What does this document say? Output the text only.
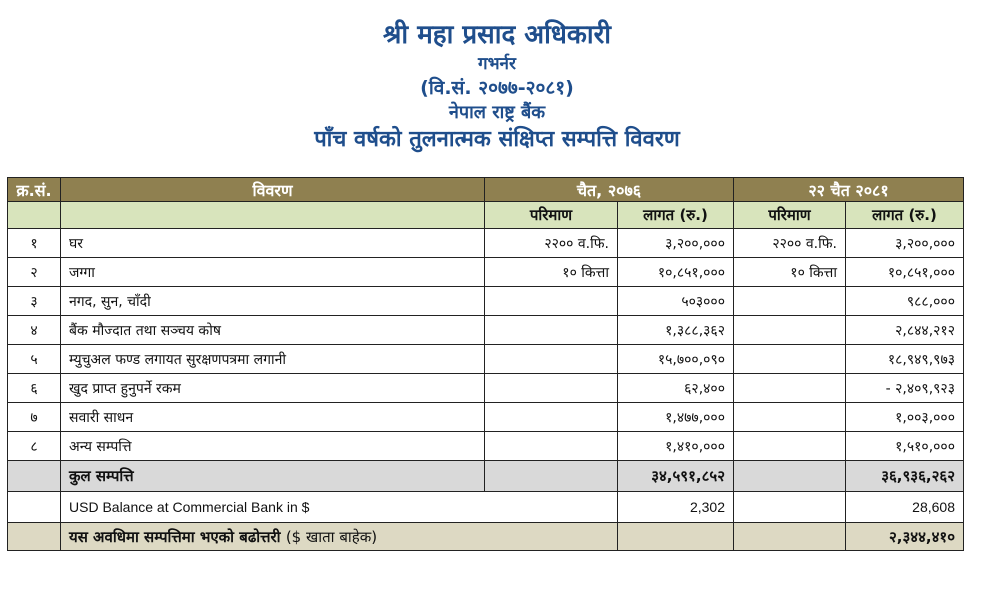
श्री महा प्रसाद अधिकारी
गभर्नर
(वि.सं. २०७७-२०८१)
नेपाल राष्ट्र बैंक
पाँच वर्षको तुलनात्मक संक्षिप्त सम्पत्ति विवरण
क्र.सं.	विवरण	चैत, २०७६		२२ चैत २०८१	
		परिमाण	लागत (रु.)	परिमाण	लागत (रु.)
१	घर	२२०० व.फि.	३,२००,०००	२२०० व.फि.	३,२००,०००
२	जग्गा	१० कित्ता	१०,८५१,०००	१० कित्ता	१०,८५१,०००
३	नगद, सुन, चाँदी		५०३०००		९८८,०००
४	बैंक मौज्दात तथा सञ्चय कोष		१,३८८,३६२		२,८४४,२१२
५	म्युचुअल फण्ड लगायत सुरक्षणपत्रमा लगानी		१५,७००,०९०		१८,९४९,९७३
६	खुद प्राप्त हुनुपर्ने रकम		६२,४००		- २,४०९,९२३
७	सवारी साधन		१,४७७,०००		१,००३,०००
८	अन्य सम्पत्ति		१,४१०,०००		१,५१०,०००
	कुल सम्पत्ति		३४,५९१,८५२		३६,९३६,२६२
	USD Balance at Commercial Bank in $		2,302		28,608
	यस अवधिमा सम्पत्तिमा भएको बढोत्तरी ($ खाता बाहेक)				२,३४४,४१०
